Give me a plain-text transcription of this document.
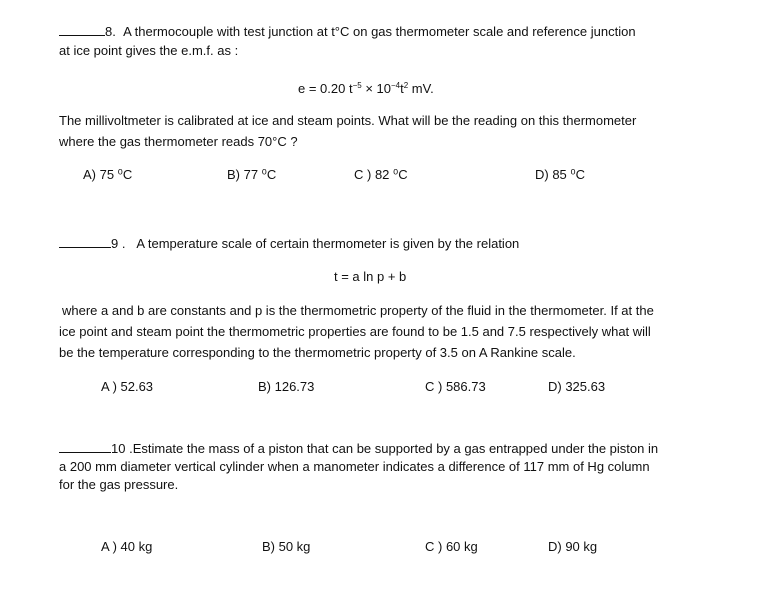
8. A thermocouple with test junction at t°C on gas thermometer scale and reference junction
at ice point gives the e.m.f. as :
e = 0.20 $t^{-5} \times 10^{-4}t^2$ mV.
The millivoltmeter is calibrated at ice and steam points. What will be the reading on this thermometer
where the gas thermometer reads 70°C ?
A) 75 ⁰C	B) 77 ⁰C	C ) 82 ⁰C	D) 85 ⁰C
9 . A temperature scale of certain thermometer is given by the relation
t = a ln p + b
where a and b are constants and p is the thermometric property of the fluid in the thermometer. If at the
ice point and steam point the thermometric properties are found to be 1.5 and 7.5 respectively what will
be the temperature corresponding to the thermometric property of 3.5 on A Rankine scale.
A ) 52.63	B) 126.73	C ) 586.73	D) 325.63
10 .Estimate the mass of a piston that can be supported by a gas entrapped under the piston in
a 200 mm diameter vertical cylinder when a manometer indicates a difference of 117 mm of Hg column
for the gas pressure.
A ) 40 kg	B) 50 kg	C ) 60 kg	D) 90 kg
